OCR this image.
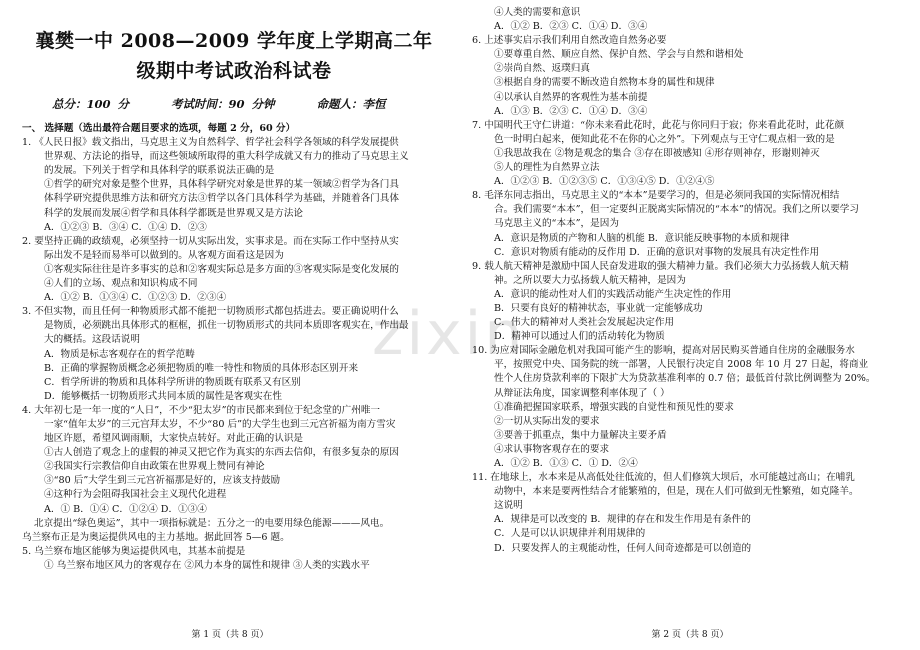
zixin
襄樊一中 2008—2009 学年度上学期高二年
级期中考试政治科试卷
总分：100 分      考试时间：90 分钟      命题人：李恒
一、 选择题（选出最符合题目要求的选项，每题 2 分，60 分）
1. 《人民日报》载文指出，马克思主义为自然科学、哲学社会科学各领域的科学发展提供
世界观、方法论的指导，而这些领域所取得的重大科学成就又有力的推动了马克思主义
的发展。下列关于哲学和具体科学的联系说法正确的是
①哲学的研究对象是整个世界，具体科学研究对象是世界的某一领域②哲学为各门具
体科学研究提供思维方法和研究方法③哲学以各门具体科学为基础，并随着各门具体
科学的发展而发展④哲学和具体科学都既是世界观又是方法论
A．①②③ B．③④ C．①④ D．②③
2. 要坚持正确的政绩观，必须坚持一切从实际出发，实事求是。而在实际工作中坚持从实
际出发不是轻而易举可以做到的。从客观方面看这是因为
①客观实际往往是许多事实的总和②客观实际总是多方面的③客观实际是变化发展的
④人们的立场、观点和知识构成不同
A．①② B．①③④ C．①②③ D．②③④
3. 不但实物，而且任何一种物质形式都不能把一切物质形式都包括进去。要正确说明什么
是物质，必须跳出具体形式的框框，抓住一切物质形式的共同本质即客观实在，作出最
大的概括。这段话说明
A．物质是标志客观存在的哲学范畴
B．正确的掌握物质概念必须把物质的唯一特性和物质的具体形态区别开来
C．哲学所讲的物质和具体科学所讲的物质既有联系又有区别
D．能够概括一切物质形式共同本质的属性是客观实在性
4. 大年初七是一年一度的“人日”，不少“犯太岁”的市民都来到位于纪念堂的广州唯一
一家“值年太岁”的三元宫拜太岁，不少“80 后”的大学生也到三元宫祈福为南方雪灾
地区许愿，希望风调雨顺，大家快点转好。对此正确的认识是
①古人创造了观念上的虚假的神灵又把它作为真实的东西去信仰，有很多复杂的原因
②我国实行宗教信仰自由政策在世界观上赞同有神论
③“80 后”大学生到三元宫祈福那是好的，应该支持鼓励
④这种行为会阻碍我国社会主义现代化进程
A．① B．①④ C．①②④ D．①③④
北京提出“绿色奥运”，其中一项指标就是：五分之一的电要用绿色能源———风电。
乌兰察布正是为奥运提供风电的主力基地。据此回答 5—6 题。
5. 乌兰察布地区能够为奥运提供风电，其基本前提是
① 乌兰察布地区风力的客观存在 ②风力本身的属性和规律 ③人类的实践水平
第 1 页（共 8 页）
④人类的需要和意识
A．①② B．②③ C．①④ D．③④
6. 上述事实启示我们利用自然改造自然务必要
①要尊重自然、顺应自然、保护自然、学会与自然和谐相处
②崇尚自然、返璞归真
③根据自身的需要不断改造自然物本身的属性和规律
④以承认自然界的客观性为基本前提
A．①③ B．②③ C．①④ D．③④
7. 中国明代王守仁讲道：“你未来看此花时，此花与你同归于寂；你来看此花时，此花颜
色一时明白起来，便知此花不在你的心之外”。下列观点与王守仁观点相一致的是
①我思故我在 ②物是观念的集合 ③存在即被感知 ④形存则神存，形谢则神灭
⑤人的理性为自然界立法
A．①②③ B．①②③⑤ C．①③④⑤ D．①②④⑤
8. 毛泽东同志指出，马克思主义的“本本”是要学习的，但是必须同我国的实际情况相结
合。我们需要“本本”，但一定要纠正脱离实际情况的“本本”的情况。我们之所以要学习
马克思主义的“本本”，是因为
A．意识是物质的产物和人脑的机能 B．意识能反映事物的本质和规律
C．意识对物质有能动的反作用 D．正确的意识对事物的发展具有决定性作用
9. 载人航天精神是激励中国人民奋发进取的强大精神力量。我们必须大力弘扬载人航天精
神。之所以要大力弘扬载人航天精神，是因为
A．意识的能动性对人们的实践活动能产生决定性的作用
B．只要有良好的精神状态，事业就一定能够成功
C．伟大的精神对人类社会发展起决定作用
D．精神可以通过人们的活动转化为物质
10. 为应对国际金融危机对我国可能产生的影响，提高对居民购买普通自住房的金融服务水
平，按照党中央、国务院的统一部署，人民银行决定自 2008 年 10 月 27 日起，将商业
性个人住房贷款利率的下限扩大为贷款基准利率的 0.7 倍；最低首付款比例调整为 20%。
从辩证法角度，国家调整利率体现了（ ）
①准确把握国家联系，增强实践的自觉性和预见性的要求
②一切从实际出发的要求
③要善于抓重点，集中力量解决主要矛盾
④求认事物客观存在的要求
A．①② B．①③ C．① D．②④
11. 在地球上，水本来是从高低处往低流的，但人们修筑大坝后，水可能越过高山；在哺乳
动物中，本来是要两性结合才能繁殖的，但是，现在人们可做到无性繁殖，如克隆羊。
这说明
A．规律是可以改变的 B．规律的存在和发生作用是有条件的
C．人是可以认识规律并利用规律的
D．只要发挥人的主观能动性，任何人间奇迹都是可以创造的
第 2 页（共 8 页）
